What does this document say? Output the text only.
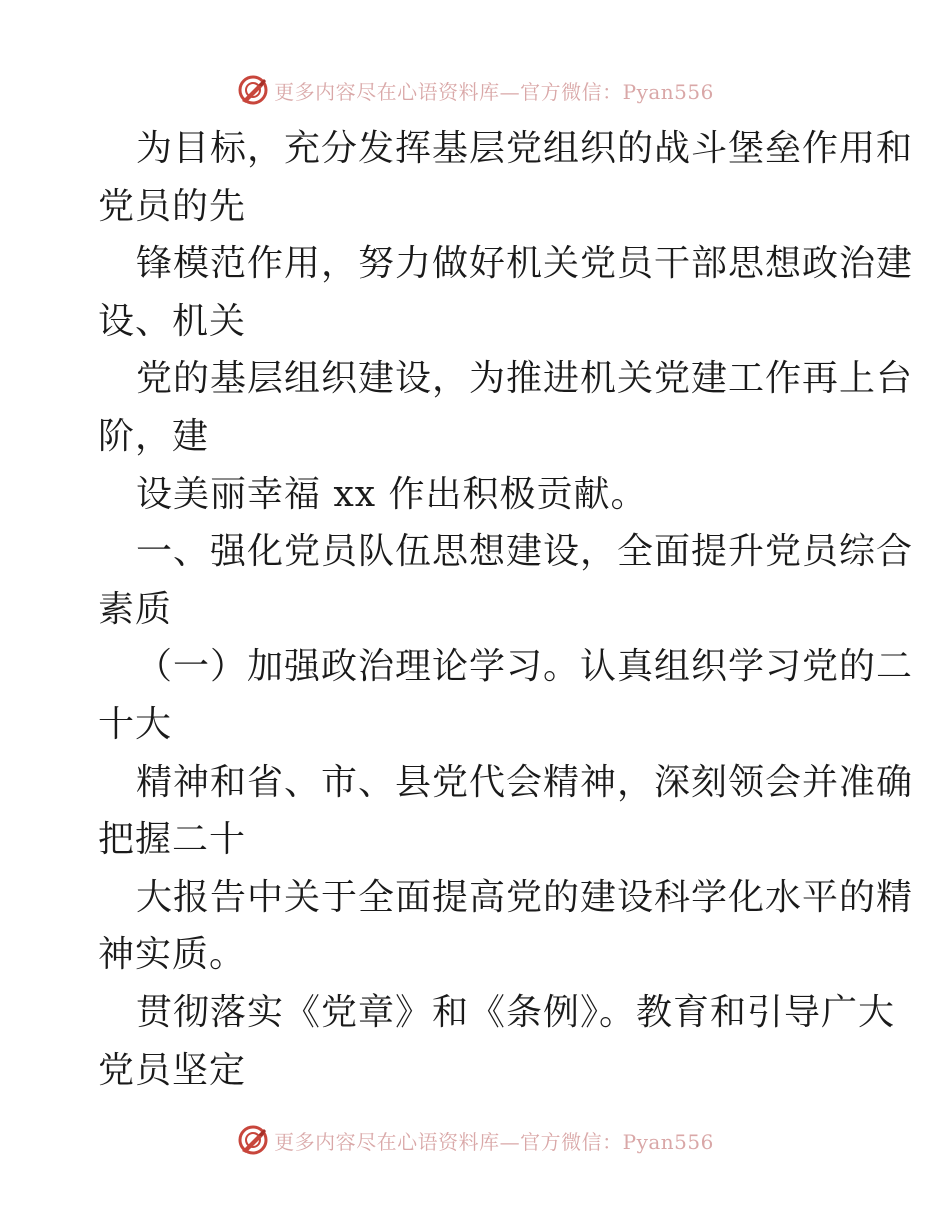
更多内容尽在心语资料库—官方微信：Pyan556
为目标，充分发挥基层党组织的战斗堡垒作用和
党员的先
锋模范作用，努力做好机关党员干部思想政治建
设、机关
党的基层组织建设，为推进机关党建工作再上台
阶，建
设美丽幸福 xx 作出积极贡献。
一、强化党员队伍思想建设，全面提升党员综合
素质
（一）加强政治理论学习。认真组织学习党的二
十大
精神和省、市、县党代会精神，深刻领会并准确
把握二十
大报告中关于全面提高党的建设科学化水平的精
神实质。
贯彻落实《党章》和《条例》。教育和引导广大
党员坚定
更多内容尽在心语资料库—官方微信：Pyan556
